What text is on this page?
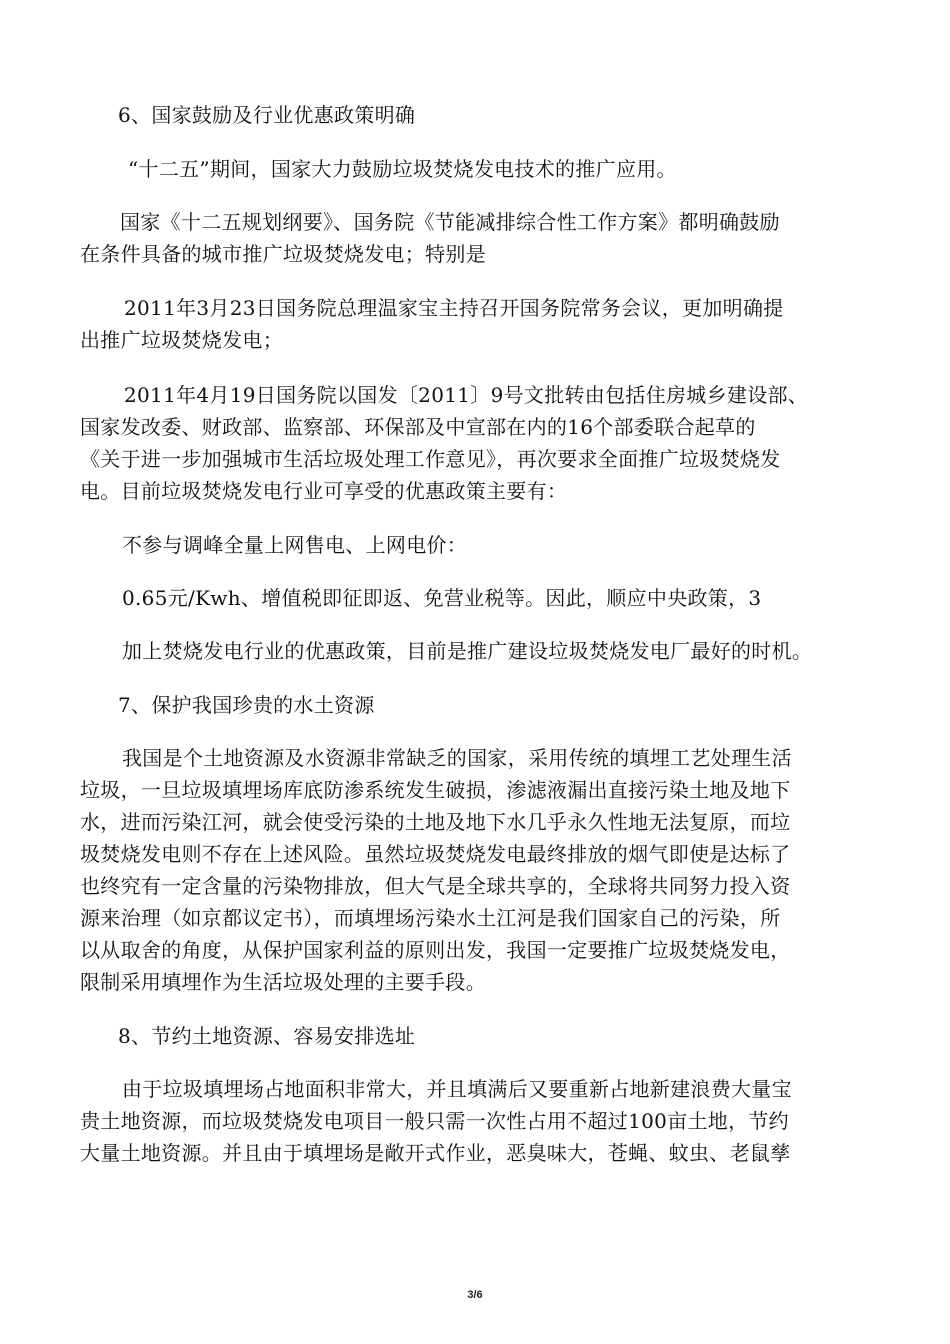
6、国家鼓励及行业优惠政策明确

“十二五”期间，国家大力鼓励垃圾焚烧发电技术的推广应用。

国家《十二五规划纲要》、国务院《节能减排综合性工作方案》都明确鼓励

在条件具备的城市推广垃圾焚烧发电；特别是

2011年3月23日国务院总理温家宝主持召开国务院常务会议，更加明确提

出推广垃圾焚烧发电；

2011年4月19日国务院以国发〔2011〕9号文批转由包括住房城乡建设部、

国家发改委、财政部、监察部、环保部及中宣部在内的16个部委联合起草的

《关于进一步加强城市生活垃圾处理工作意见》，再次要求全面推广垃圾焚烧发

电。目前垃圾焚烧发电行业可享受的优惠政策主要有：

不参与调峰全量上网售电、上网电价：

0.65元/Kwh、增值税即征即返、免营业税等。因此，顺应中央政策，3

加上焚烧发电行业的优惠政策，目前是推广建设垃圾焚烧发电厂最好的时机。

7、保护我国珍贵的水土资源

我国是个土地资源及水资源非常缺乏的国家，采用传统的填埋工艺处理生活

垃圾，一旦垃圾填埋场库底防渗系统发生破损，渗滤液漏出直接污染土地及地下

水，进而污染江河，就会使受污染的土地及地下水几乎永久性地无法复原，而垃

圾焚烧发电则不存在上述风险。虽然垃圾焚烧发电最终排放的烟气即使是达标了

也终究有一定含量的污染物排放，但大气是全球共享的，全球将共同努力投入资

源来治理（如京都议定书），而填埋场污染水土江河是我们国家自己的污染，所

以从取舍的角度，从保护国家利益的原则出发，我国一定要推广垃圾焚烧发电，

限制采用填埋作为生活垃圾处理的主要手段。

8、节约土地资源、容易安排选址

由于垃圾填埋场占地面积非常大，并且填满后又要重新占地新建浪费大量宝

贵土地资源，而垃圾焚烧发电项目一般只需一次性占用不超过100亩土地，节约

大量土地资源。并且由于填埋场是敞开式作业，恶臭味大，苍蝇、蚊虫、老鼠孳

3/6
